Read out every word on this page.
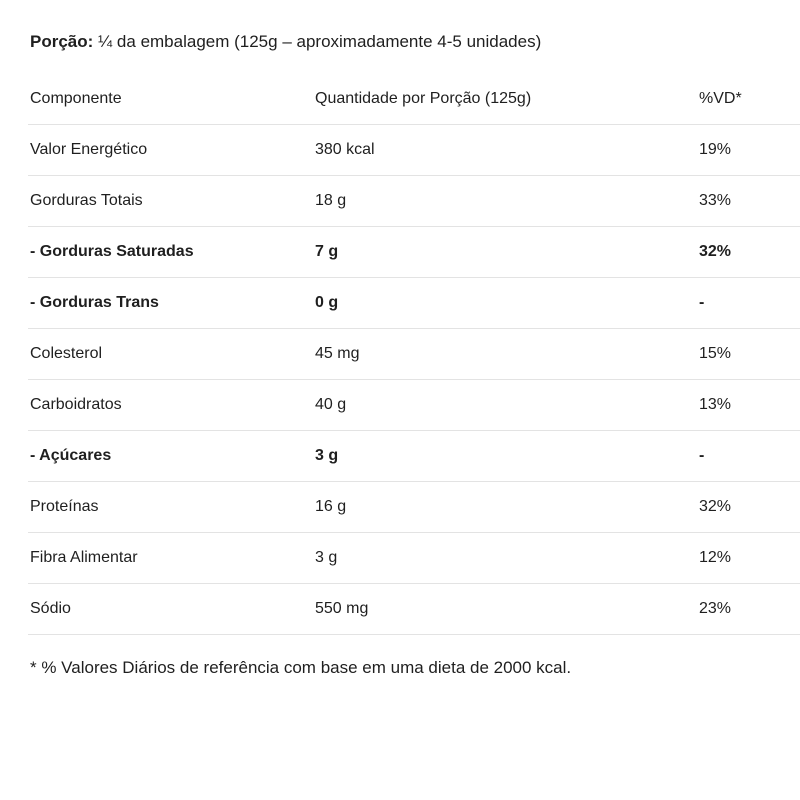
Porção: ¼ da embalagem (125g – aproximadamente 4-5 unidades)
Componente	Quantidade por Porção (125g)	%VD*
Valor Energético	380 kcal	19%
Gorduras Totais	18 g	33%
- Gorduras Saturadas	7 g	32%
- Gorduras Trans	0 g	-
Colesterol	45 mg	15%
Carboidratos	40 g	13%
- Açúcares	3 g	-
Proteínas	16 g	32%
Fibra Alimentar	3 g	12%
Sódio	550 mg	23%
* % Valores Diários de referência com base em uma dieta de 2000 kcal.
